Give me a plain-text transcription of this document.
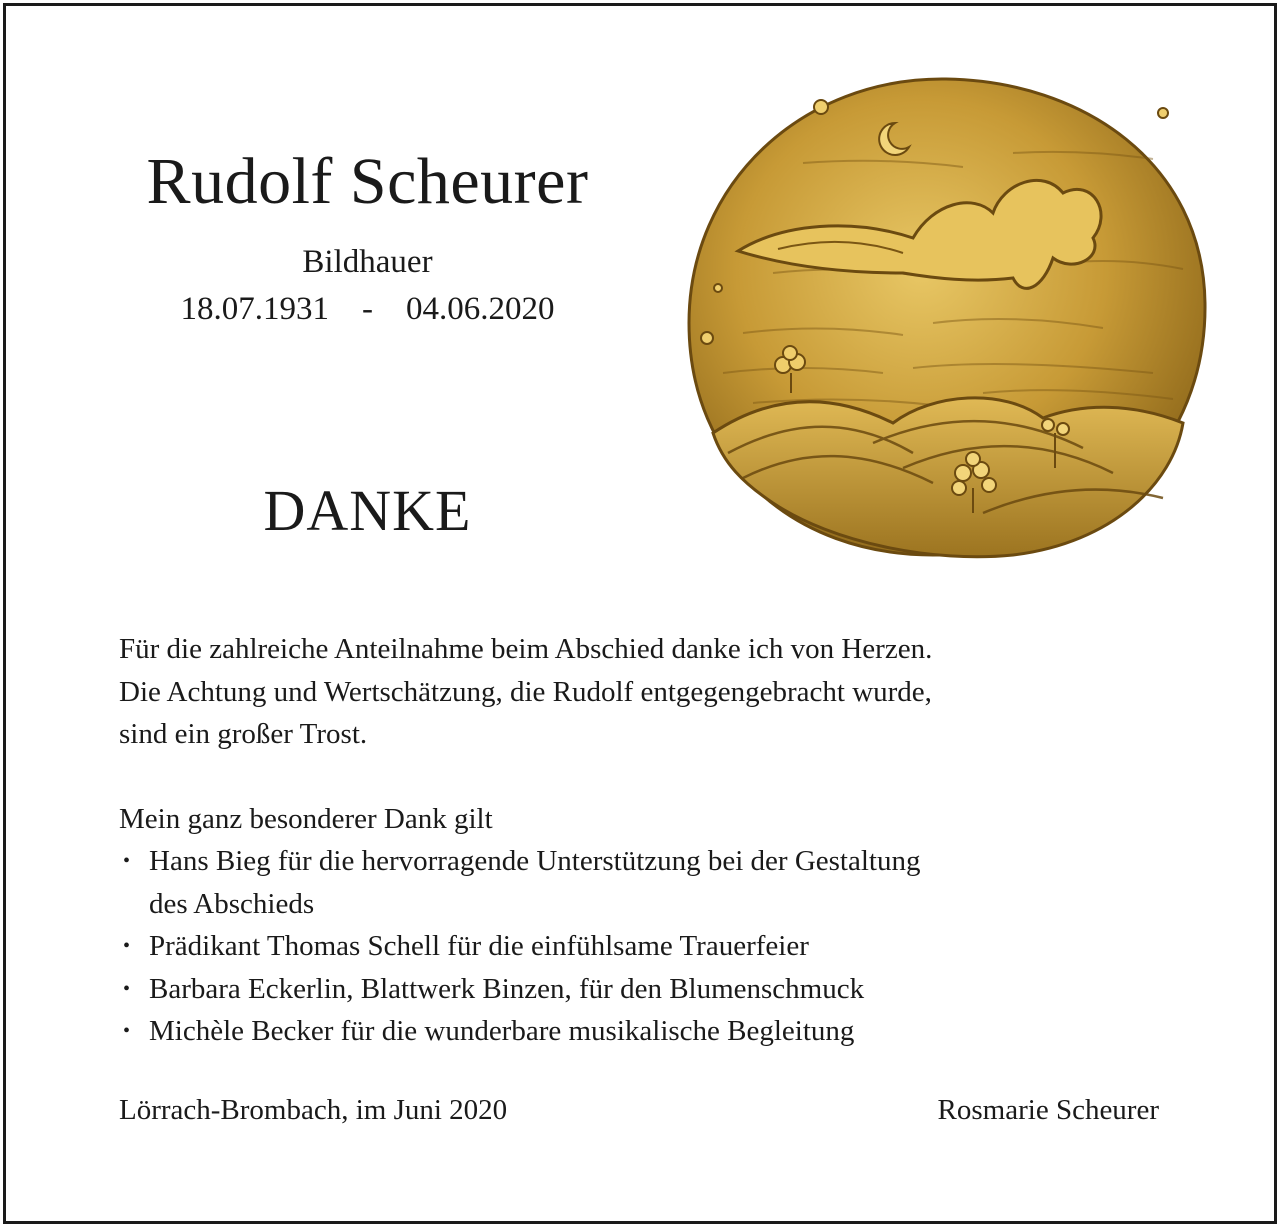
Rudolf Scheurer
Bildhauer
18.07.1931 - 04.06.2020
DANKE

Für die zahlreiche Anteilnahme beim Abschied danke ich von Herzen.

Die Achtung und Wertschätzung, die Rudolf entgegengebracht wurde,

sind ein großer Trost.

Mein ganz besonderer Dank gilt

• Hans Bieg für die hervorragende Unterstützung bei der Gestaltung
des Abschieds
• Prädikant Thomas Schell für die einfühlsame Trauerfeier
• Barbara Eckerlin, Blattwerk Binzen, für den Blumenschmuck
• Michèle Becker für die wunderbare musikalische Begleitung
Lörrach-Brombach, im Juni 2020	Rosmarie Scheurer
